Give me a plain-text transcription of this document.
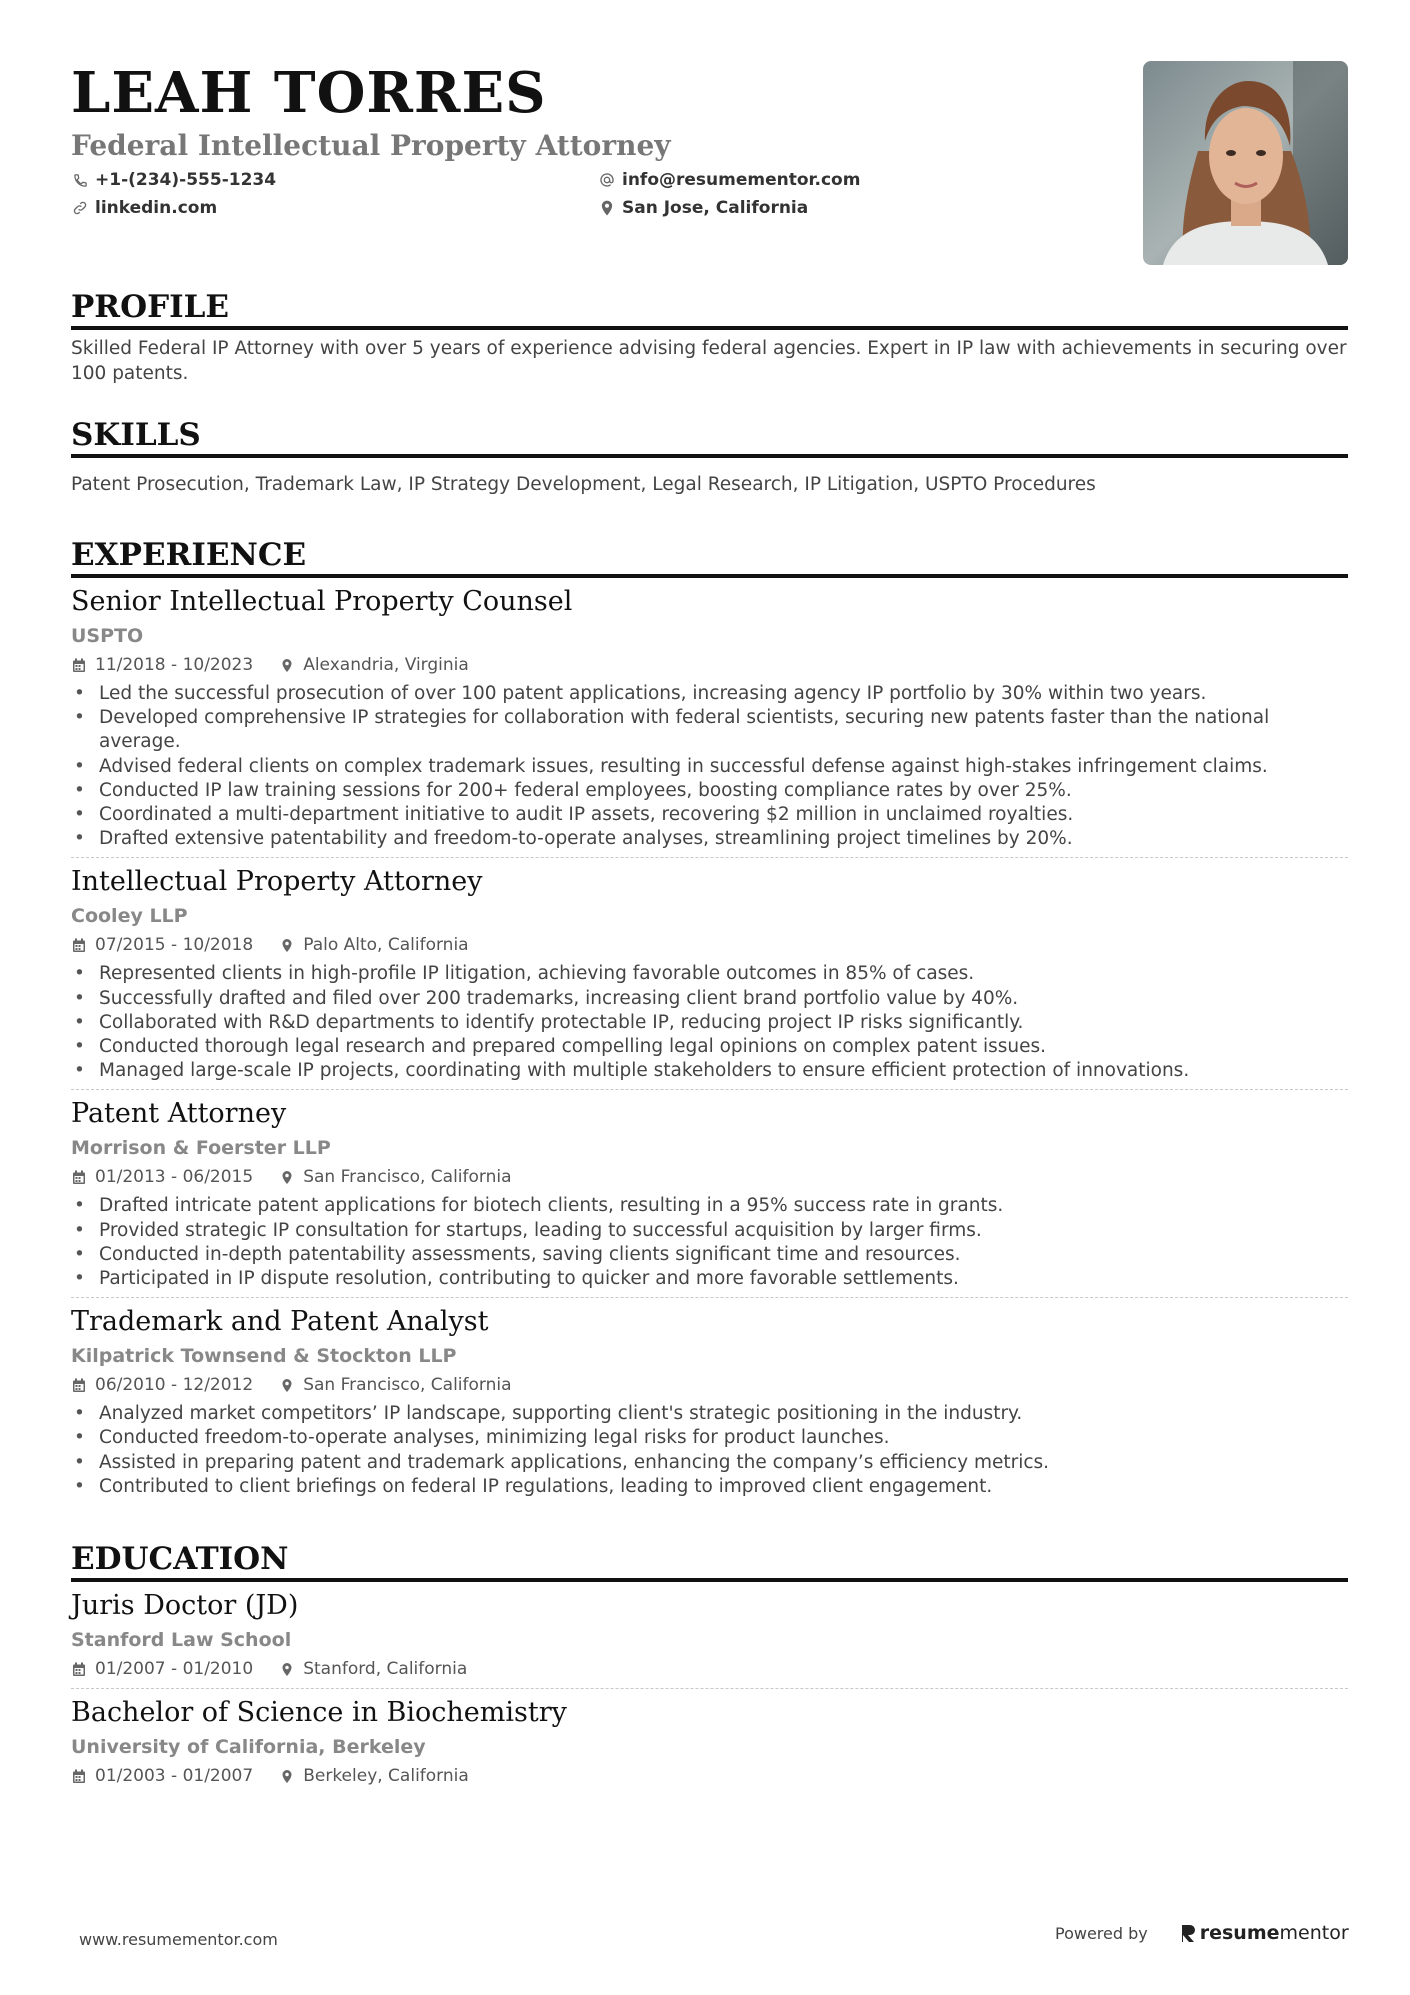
LEAH TORRES
Federal Intellectual Property Attorney
+1-(234)-555-1234	info@resumementor.com
linkedin.com	San Jose, California
PROFILE
Skilled Federal IP Attorney with over 5 years of experience advising federal agencies. Expert in IP law with achievements in securing over 100 patents.
SKILLS
Patent Prosecution, Trademark Law, IP Strategy Development, Legal Research, IP Litigation, USPTO Procedures
EXPERIENCE
Senior Intellectual Property Counsel
USPTO
11/2018 - 10/2023	Alexandria, Virginia
• Led the successful prosecution of over 100 patent applications, increasing agency IP portfolio by 30% within two years.
• Developed comprehensive IP strategies for collaboration with federal scientists, securing new patents faster than the national average.
• Advised federal clients on complex trademark issues, resulting in successful defense against high-stakes infringement claims.
• Conducted IP law training sessions for 200+ federal employees, boosting compliance rates by over 25%.
• Coordinated a multi-department initiative to audit IP assets, recovering $2 million in unclaimed royalties.
• Drafted extensive patentability and freedom-to-operate analyses, streamlining project timelines by 20%.
Intellectual Property Attorney
Cooley LLP
07/2015 - 10/2018	Palo Alto, California
• Represented clients in high-profile IP litigation, achieving favorable outcomes in 85% of cases.
• Successfully drafted and filed over 200 trademarks, increasing client brand portfolio value by 40%.
• Collaborated with R&D departments to identify protectable IP, reducing project IP risks significantly.
• Conducted thorough legal research and prepared compelling legal opinions on complex patent issues.
• Managed large-scale IP projects, coordinating with multiple stakeholders to ensure efficient protection of innovations.
Patent Attorney
Morrison & Foerster LLP
01/2013 - 06/2015	San Francisco, California
• Drafted intricate patent applications for biotech clients, resulting in a 95% success rate in grants.
• Provided strategic IP consultation for startups, leading to successful acquisition by larger firms.
• Conducted in-depth patentability assessments, saving clients significant time and resources.
• Participated in IP dispute resolution, contributing to quicker and more favorable settlements.
Trademark and Patent Analyst
Kilpatrick Townsend & Stockton LLP
06/2010 - 12/2012	San Francisco, California
• Analyzed market competitors’ IP landscape, supporting client's strategic positioning in the industry.
• Conducted freedom-to-operate analyses, minimizing legal risks for product launches.
• Assisted in preparing patent and trademark applications, enhancing the company’s efficiency metrics.
• Contributed to client briefings on federal IP regulations, leading to improved client engagement.
EDUCATION
Juris Doctor (JD)
Stanford Law School
01/2007 - 01/2010	Stanford, California
Bachelor of Science in Biochemistry
University of California, Berkeley
01/2003 - 01/2007	Berkeley, California
www.resumementor.com	Powered by	resume mentor
